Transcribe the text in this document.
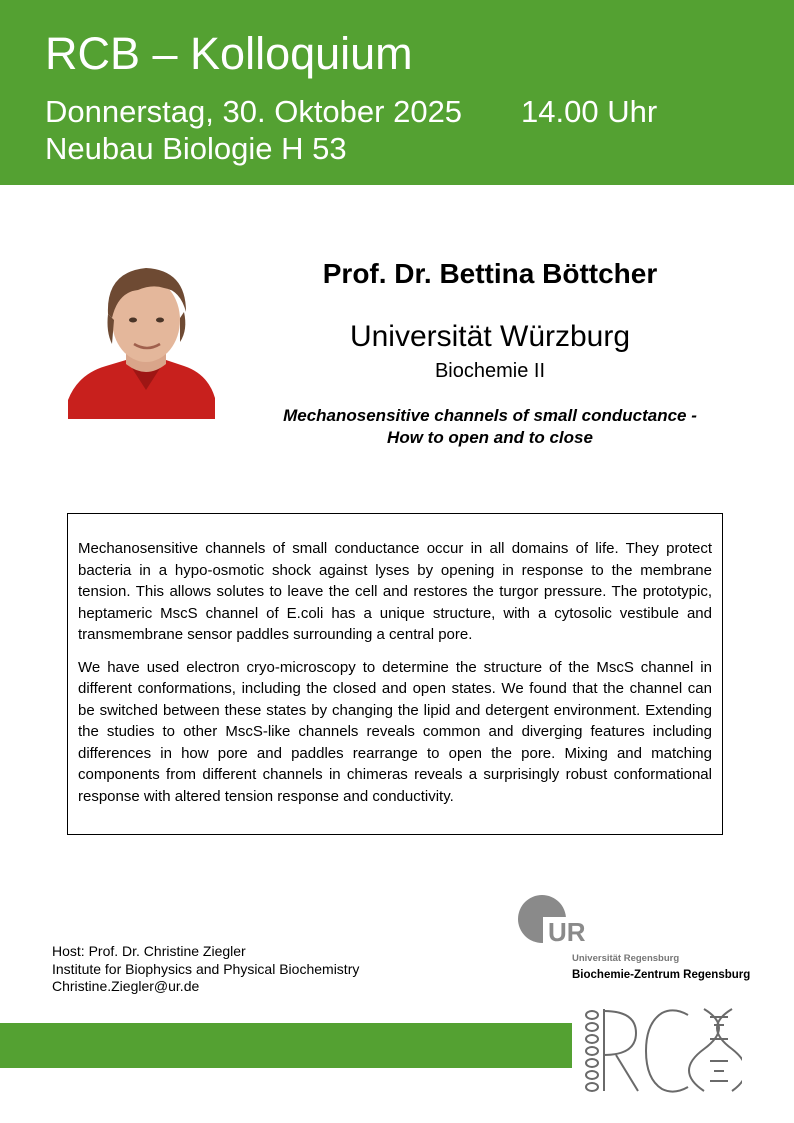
RCB – Kolloquium
Donnerstag, 30. Oktober 2025 14.00 Uhr
Neubau Biologie H 53
Prof. Dr. Bettina Böttcher
Universität Würzburg
Biochemie II
Mechanosensitive channels of small conductance -
How to open and to close

Mechanosensitive channels of small conductance occur in all domains of life. They protect bacteria in a hypo-osmotic shock against lyses by opening in response to the membrane tension. This allows solutes to leave the cell and restores the turgor pressure. The prototypic, heptameric MscS channel of E.coli has a unique structure, with a cytosolic vestibule and transmembrane sensor paddles surrounding a central pore.

We have used electron cryo-microscopy to determine the structure of the MscS channel in different conformations, including the closed and open states. We found that the channel can be switched between these states by changing the lipid and detergent environment. Extending the studies to other MscS-like channels reveals common and diverging features including differences in how pore and paddles rearrange to open the pore. Mixing and matching components from different channels in chimeras reveals a surprisingly robust conformational response with altered tension response and conductivity.

Host: Prof. Dr. Christine Ziegler
Institute for Biophysics and Physical Biochemistry
Christine.Ziegler@ur.de
UR
Universität Regensburg
Biochemie-Zentrum Regensburg
